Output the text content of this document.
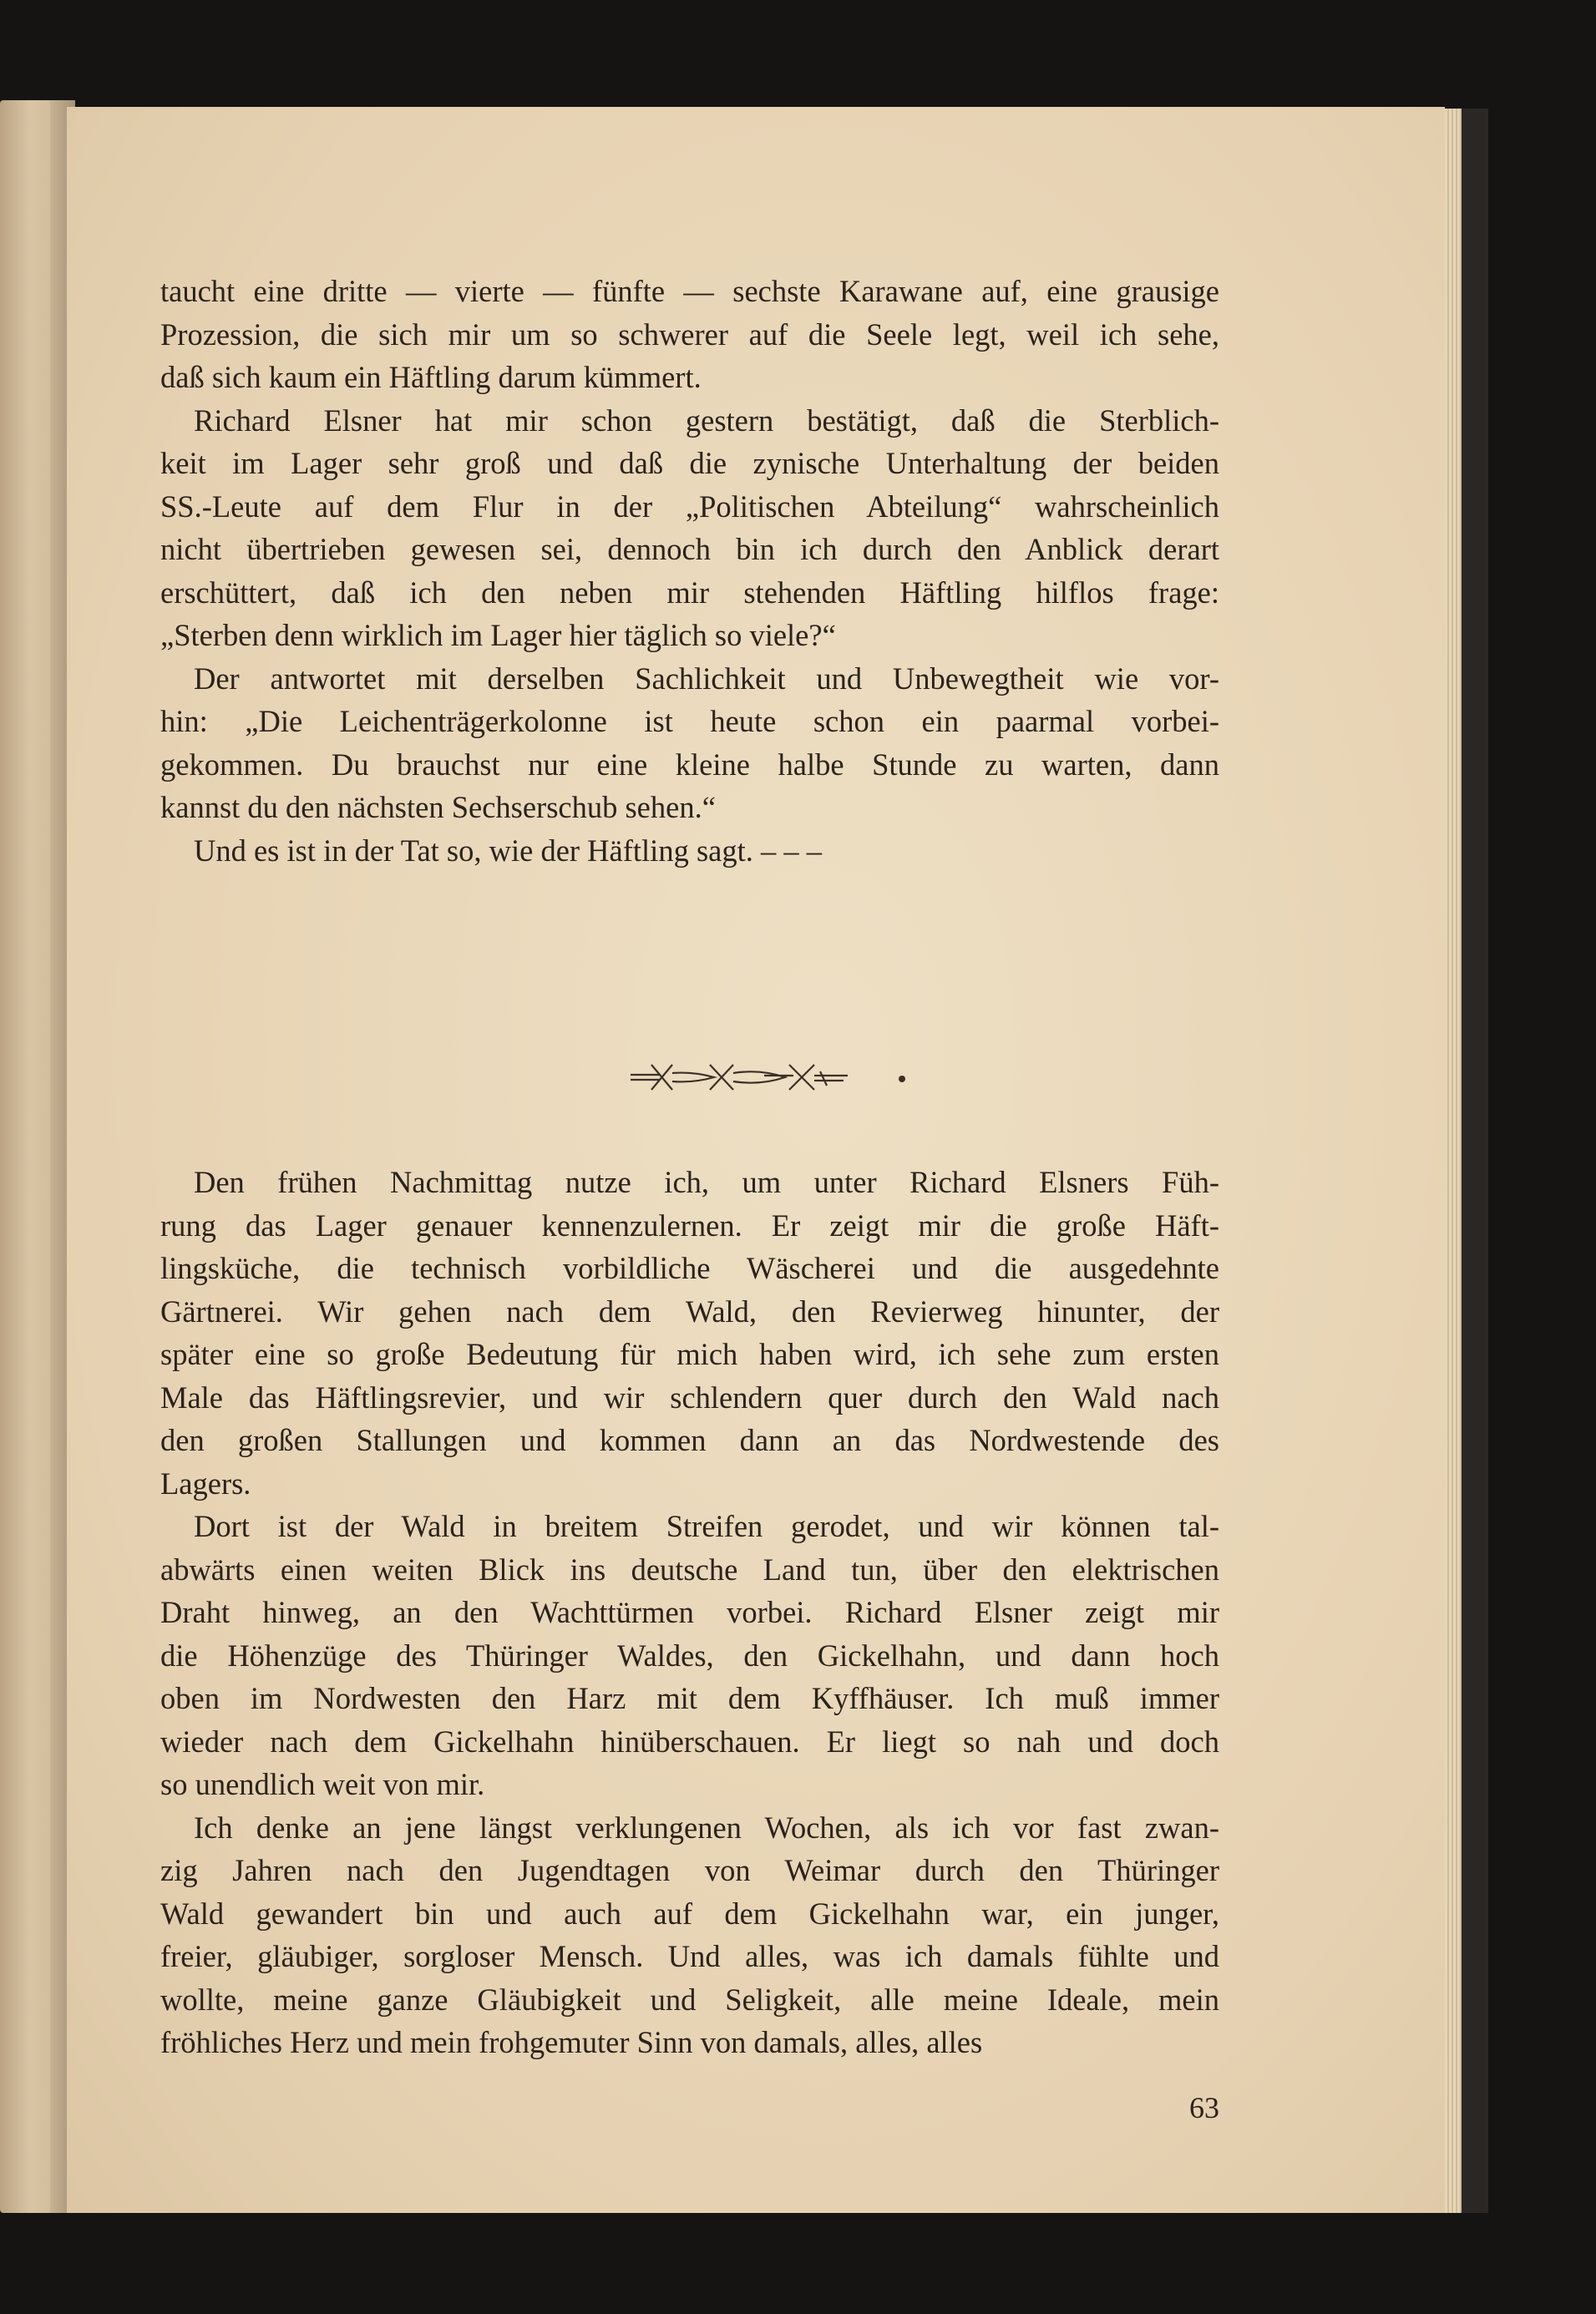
taucht eine dritte — vierte — fünfte — sechste Karawane auf, eine grausige
Prozession, die sich mir um so schwerer auf die Seele legt, weil ich sehe,
daß sich kaum ein Häftling darum kümmert.

Richard Elsner hat mir schon gestern bestätigt, daß die Sterblich-
keit im Lager sehr groß und daß die zynische Unterhaltung der beiden
SS.-Leute auf dem Flur in der „Politischen Abteilung“ wahrscheinlich
nicht übertrieben gewesen sei, dennoch bin ich durch den Anblick derart
erschüttert, daß ich den neben mir stehenden Häftling hilflos frage:
„Sterben denn wirklich im Lager hier täglich so viele?“

Der antwortet mit derselben Sachlichkeit und Unbewegtheit wie vor-
hin: „Die Leichenträgerkolonne ist heute schon ein paarmal vorbei-
gekommen. Du brauchst nur eine kleine halbe Stunde zu warten, dann
kannst du den nächsten Sechserschub sehen.“

Und es ist in der Tat so, wie der Häftling sagt. – – –

Den frühen Nachmittag nutze ich, um unter Richard Elsners Füh-
rung das Lager genauer kennenzulernen. Er zeigt mir die große Häft-
lingsküche, die technisch vorbildliche Wäscherei und die ausgedehnte
Gärtnerei. Wir gehen nach dem Wald, den Revierweg hinunter, der
später eine so große Bedeutung für mich haben wird, ich sehe zum ersten
Male das Häftlingsrevier, und wir schlendern quer durch den Wald nach
den großen Stallungen und kommen dann an das Nordwestende des
Lagers.

Dort ist der Wald in breitem Streifen gerodet, und wir können tal-
abwärts einen weiten Blick ins deutsche Land tun, über den elektrischen
Draht hinweg, an den Wachttürmen vorbei. Richard Elsner zeigt mir
die Höhenzüge des Thüringer Waldes, den Gickelhahn, und dann hoch
oben im Nordwesten den Harz mit dem Kyffhäuser. Ich muß immer
wieder nach dem Gickelhahn hinüberschauen. Er liegt so nah und doch
so unendlich weit von mir.

Ich denke an jene längst verklungenen Wochen, als ich vor fast zwan-
zig Jahren nach den Jugendtagen von Weimar durch den Thüringer
Wald gewandert bin und auch auf dem Gickelhahn war, ein junger,
freier, gläubiger, sorgloser Mensch. Und alles, was ich damals fühlte und
wollte, meine ganze Gläubigkeit und Seligkeit, alle meine Ideale, mein
fröhliches Herz und mein frohgemuter Sinn von damals, alles, alles

63
